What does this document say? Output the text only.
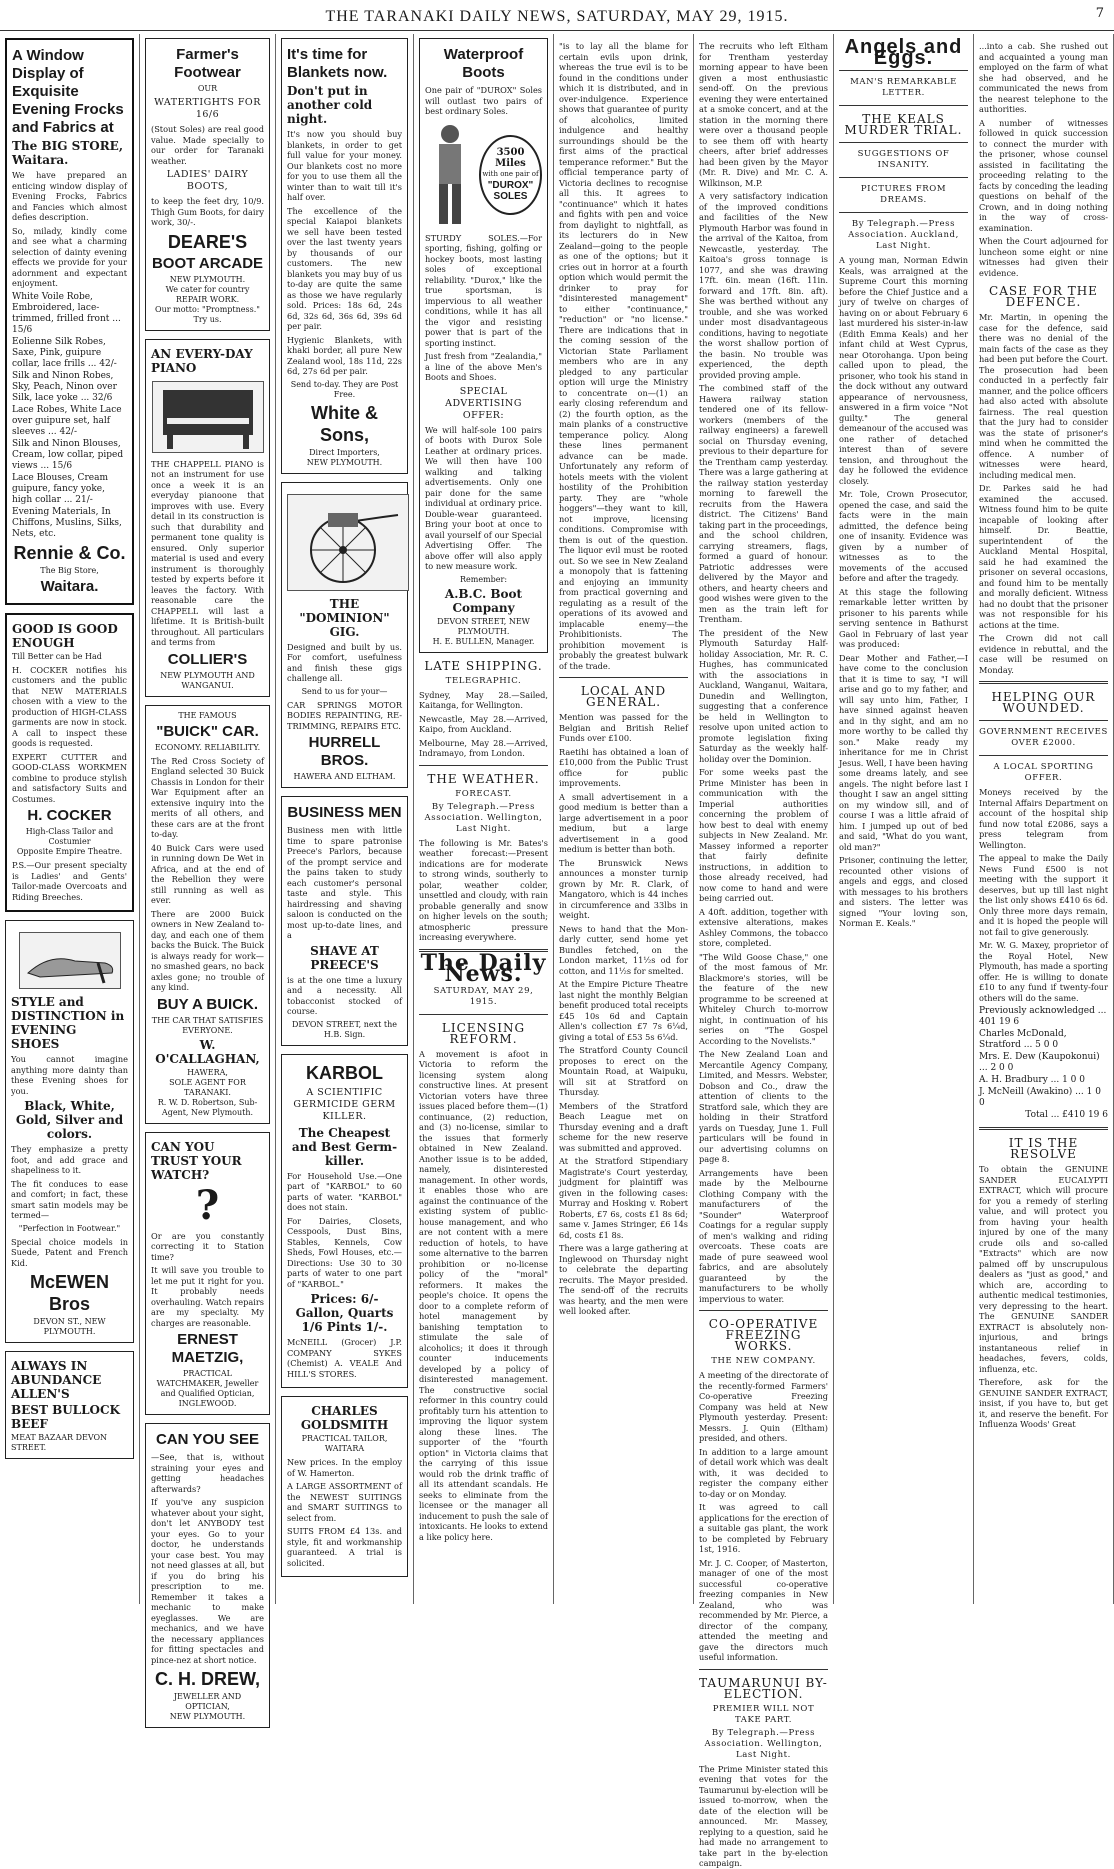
THE TARANAKI DAILY NEWS, SATURDAY, MAY 29, 1915.	7
A Window Display of Exquisite Evening Frocks and Fabrics at
The BIG STORE, Waitara.
We have prepared an enticing window display of Evening Frocks, Fabrics and Fancies which almost defies description.
So, milady, kindly come and see what a charming selection of dainty evening effects we provide for your adornment and expectant enjoyment.
White Voile Robe, Embroidered, lace-trimmed, frilled front ... 15/6
Eolienne Silk Robes, Saxe, Pink, guipure collar, lace frills ... 42/-
Silk and Ninon Robes, Sky, Peach, Ninon over Silk, lace yoke ... 32/6
Lace Robes, White Lace over guipure set, half sleeves ... 42/-
Silk and Ninon Blouses, Cream, low collar, piped views ... 15/6
Lace Blouses, Cream guipure, fancy yoke, high collar ... 21/-
Evening Materials, In Chiffons, Muslins, Silks, Nets, etc.
Rennie & Co.
The Big Store,
Waitara.
GOOD IS GOOD ENOUGH
Till Better can be Had
H. COCKER notifies his customers and the public that NEW MATERIALS chosen with a view to the production of HIGH-CLASS garments are now in stock. A call to inspect these goods is requested.
EXPERT CUTTER and GOOD-CLASS WORKMEN combine to produce stylish and satisfactory Suits and Costumes.
H. COCKER
High-Class Tailor and Costumier
Opposite Empire Theatre.
P.S.—Our present specialty is Ladies' and Gents' Tailor-made Overcoats and Riding Breeches.
STYLE and DISTINCTION in EVENING SHOES
You cannot imagine anything more dainty than these Evening shoes for you.
Black, White, Gold, Silver and colors.
They emphasize a pretty foot, and add grace and shapeliness to it.
The fit conduces to ease and comfort; in fact, these smart satin models may be termed—
"Perfection in Footwear."
Special choice models in Suede, Patent and French Kid.
McEWEN Bros
DEVON ST., NEW PLYMOUTH.
ALWAYS IN ABUNDANCE ALLEN'S
BEST BULLOCK BEEF
MEAT BAZAAR DEVON STREET.
Farmer's Footwear
OUR
WATERTIGHTS FOR 16/6
(Stout Soles) are real good value. Made specially to our order for Taranaki weather.
LADIES' DAIRY BOOTS,
to keep the feet dry, 10/9. Thigh Gum Boots, for dairy work, 30/-.
DEARE'S
BOOT ARCADE
NEW PLYMOUTH.
We cater for country REPAIR WORK.
Our motto: "Promptness." Try us.
AN EVERY-DAY PIANO
THE CHAPPELL PIANO is not an instrument for use once a week it is an everyday pianoone that improves with use. Every detail in its construction is such that durability and permanent tone quality is ensured. Only superior material is used and every instrument is thoroughly tested by experts before it leaves the factory. With reasonable care the CHAPPELL will last a lifetime. It is British-built throughout. All particulars and terms from
COLLIER'S
NEW PLYMOUTH AND WANGANUI.
THE FAMOUS
"BUICK" CAR.
ECONOMY. RELIABILITY.
The Red Cross Society of England selected 30 Buick Chassis in London for their War Equipment after an extensive inquiry into the merits of all others, and these cars are at the front to-day.
40 Buick Cars were used in running down De Wet in Africa, and at the end of the Rebellion they were still running as well as ever.
There are 2000 Buick owners in New Zealand to-day, and each one of them backs the Buick. The Buick is always ready for work—no smashed gears, no back axles gone; no trouble of any kind.
BUY A BUICK.
THE CAR THAT SATISFIES EVERYONE.
W. O'CALLAGHAN,
HAWERA,
SOLE AGENT FOR TARANAKI.
R. W. D. Robertson, Sub-Agent, New Plymouth.
CAN YOU TRUST YOUR WATCH?
?
Or are you constantly correcting it to Station time?
It will save you trouble to let me put it right for you. It probably needs overhauling. Watch repairs are my specialty. My charges are reasonable.
ERNEST MAETZIG,
PRACTICAL WATCHMAKER, Jeweller and Qualified Optician,
INGLEWOOD.
CAN YOU SEE
—See, that is, without straining your eyes and getting headaches afterwards?
If you've any suspicion whatever about your sight, don't let ANYBODY test your eyes. Go to your doctor, he understands your case best. You may not need glasses at all, but if you do bring his prescription to me. Remember it takes a mechanic to make eyeglasses. We are mechanics, and we have the necessary appliances for fitting spectacles and pince-nez at short notice.
C. H. DREW,
JEWELLER AND OPTICIAN,
NEW PLYMOUTH.
It's time for Blankets now.
Don't put in another cold night.
It's now you should buy blankets, in order to get full value for your money. Our blankets cost no more for you to use them all the winter than to wait till it's half over.
The excellence of the special Kaiapoi blankets we sell have been tested over the last twenty years by thousands of our customers. The new blankets you may buy of us to-day are quite the same as those we have regularly sold. Prices: 18s 6d, 24s 6d, 32s 6d, 36s 6d, 39s 6d per pair.
Hygienic Blankets, with khaki border, all pure New Zealand wool, 18s 11d, 22s 6d, 27s 6d per pair.
Send to-day. They are Post Free.
White & Sons,
Direct Importers,
NEW PLYMOUTH.
THE "DOMINION" GIG.
Designed and built by us. For comfort, usefulness and finish these gigs challenge all.
Send to us for your—
CAR SPRINGS MOTOR BODIES REPAINTING, RE-TRIMMING, REPAIRS ETC.
HURRELL BROS.
HAWERA AND ELTHAM.
BUSINESS MEN
Business men with little time to spare patronise Preece's Parlors, because of the prompt service and the pains taken to study each customer's personal taste and style. This hairdressing and shaving saloon is conducted on the most up-to-date lines, and a
SHAVE AT PREECE'S
is at the one time a luxury and a necessity. All tobacconist stocked of course.
DEVON STREET, next the H.B. Sign.
KARBOL
A SCIENTIFIC GERMICIDE GERM KILLER.
The Cheapest and Best Germ-killer.
For Household Use.—One part of "KARBOL" to 60 parts of water. "KARBOL" does not stain.
For Dairies, Closets, Cesspools, Dust Bins, Stables, Kennels, Cow Sheds, Fowl Houses, etc.—Directions: Use 30 to 30 parts of water to one part of "KARBOL."
Prices: 6/- Gallon, Quarts 1/6 Pints 1/-.
McNEILL (Grocer) J.P. COMPANY SYKES (Chemist) A. VEALE And HILL'S STORES.
CHARLES GOLDSMITH
PRACTICAL TAILOR, WAITARA
New prices. In the employ of W. Hamerton.
A LARGE ASSORTMENT of the NEWEST SUITINGS and SMART SUITINGS to select from.
SUITS FROM £4 13s. and style, fit and workmanship guaranteed. A trial is solicited.
Waterproof Boots
One pair of "DUROX" Soles will outlast two pairs of best ordinary Soles.
3500 Miles
with one pair of
"DUROX" SOLES
STURDY SOLES.—For sporting, fishing, golfing or hockey boots, most lasting soles of exceptional reliability. "Durox," like the true sportsman, is impervious to all weather conditions, while it has all the vigor and resisting power that is part of the sporting instinct.
Just fresh from "Zealandia," a line of the above Men's Boots and Shoes.
SPECIAL ADVERTISING OFFER:
We will half-sole 100 pairs of boots with Durox Sole Leather at ordinary prices. We will then have 100 walking and talking advertisements. Only one pair done for the same individual at ordinary price. Double-wear guaranteed. Bring your boot at once to avail yourself of our Special Advertising Offer. The above offer will also apply to new measure work.
Remember:
A.B.C. Boot Company
DEVON STREET, NEW PLYMOUTH.
H. E. BULLEN, Manager.
LATE SHIPPING.
TELEGRAPHIC.
Sydney, May 28.—Sailed, Kaitanga, for Wellington.
Newcastle, May 28.—Arrived, Kaipo, from Auckland.
Melbourne, May 28.—Arrived, Indramayo, from London.
THE WEATHER.
FORECAST.
By Telegraph.—Press Association. Wellington, Last Night.
The following is Mr. Bates's weather forecast:—Present indications are for moderate to strong winds, southerly to polar, weather colder, unsettled and cloudy, with rain probable generally and snow on higher levels on the south; atmospheric pressure increasing everywhere.
The Daily News.
SATURDAY, MAY 29, 1915.
LICENSING REFORM.
A movement is afoot in Victoria to reform the licensing system along constructive lines. At present Victorian voters have three issues placed before them—(1) continuance, (2) reduction, and (3) no-license, similar to the issues that formerly obtained in New Zealand. Another issue is to be added, namely, disinterested management. In other words, it enables those who are against the continuance of the existing system of public-house management, and who are not content with a mere reduction of hotels, to have some alternative to the barren prohibition or no-license policy of the "moral" reformers. It makes the people's choice. It opens the door to a complete reform of hotel management by banishing temptation to stimulate the sale of alcoholics; it does it through counter inducements developed by a policy of disinterested management. The constructive social reformer in this country could profitably turn his attention to improving the liquor system along these lines. The supporter of the "fourth option" in Victoria claims that the carrying of this issue would rob the drink traffic of all its attendant scandals. He seeks to eliminate from the licensee or the manager all inducement to push the sale of intoxicants. He looks to extend a like policy here.
"is to lay all the blame for certain evils upon drink, whereas the true evil is to be found in the conditions under which it is distributed, and in over-indulgence. Experience shows that guarantee of purity of alcoholics, limited indulgence and healthy surroundings should be the first aims of the practical temperance reformer." But the official temperance party of Victoria declines to recognise all this. It agrees to "continuance" which it hates and fights with pen and voice from daylight to nightfall, as its lecturers do in New Zealand—going to the people as one of the options; but it cries out in horror at a fourth option which would permit the drinker to pray for "disinterested management" to either "continuance," "reduction" or "no license." There are indications that in the coming session of the Victorian State Parliament members who are in any pledged to any particular option will urge the Ministry to concentrate on—(1) an early closing referendum and (2) the fourth option, as the main planks of a constructive temperance policy. Along these lines permanent advance can be made. Unfortunately any reform of hotels meets with the violent hostility of the Prohibition party. They are "whole hoggers"—they want to kill, not improve, licensing conditions. Compromise with them is out of the question. The liquor evil must be rooted out. So we see in New Zealand a monopoly that is fattening and enjoying an immunity from practical governing and regulating as a result of the operations of its avowed and implacable enemy—the Prohibitionists. The prohibition movement is probably the greatest bulwark of the trade.
LOCAL AND GENERAL.
Mention was passed for the Belgian and British Relief Funds over £100.
Raetihi has obtained a loan of £10,000 from the Public Trust office for public improvements.
A small advertisement in a good medium is better than a large advertisement in a poor medium, but a large advertisement in a good medium is better than both.
The Brunswick News announces a monster turnip grown by Mr. R. Clark, of Mangatoro, which is 44 inches in circumference and 33lbs in weight.
News to hand that the Mon-darly cutter, send home yet Bundles fetched, on the London market, 11½s od for cotton, and 11½s for smelted.
At the Empire Picture Theatre last night the monthly Belgian benefit produced total receipts £45 10s 6d and Captain Allen's collection £7 7s 6¼d, giving a total of £53 5s 6¼d.
The Stratford County Council proposes to erect on the Mountain Road, at Waipuku, will sit at Stratford on Thursday.
Members of the Stratford Beach League met on Thursday evening and a draft scheme for the new reserve was submitted and approved.
At the Stratford Stipendiary Magistrate's Court yesterday, judgment for plaintiff was given in the following cases: Murray and Hosking v. Robert Roberts, £7 6s, costs £1 8s 6d; same v. James Stringer, £6 14s 6d, costs £1 8s.
There was a large gathering at Inglewood on Thursday night to celebrate the departing recruits. The Mayor presided. The send-off of the recruits was hearty, and the men were well looked after.
The recruits who left Eltham for Trentham yesterday morning appear to have been given a most enthusiastic send-off. On the previous evening they were entertained at a smoke concert, and at the station in the morning there were over a thousand people to see them off with hearty cheers, after brief addresses had been given by the Mayor (Mr. R. Dive) and Mr. C. A. Wilkinson, M.P.
A very satisfactory indication of the improved conditions and facilities of the New Plymouth Harbor was found in the arrival of the Kaitoa, from Newcastle, yesterday. The Kaitoa's gross tonnage is 1077, and she was drawing 17ft. 6in. mean (16ft. 11in. forward and 17ft. 8in. aft). She was berthed without any trouble, and she was worked under most disadvantageous conditions, having to negotiate the worst shallow portion of the basin. No trouble was experienced, the depth provided proving ample.
The combined staff of the Hawera railway station tendered one of its fellow-workers (members of the railway engineers) a farewell social on Thursday evening, previous to their departure for the Trentham camp yesterday. There was a large gathering at the railway station yesterday morning to farewell the recruits from the Hawera district. The Citizens' Band taking part in the proceedings, and the school children, carrying streamers, flags, formed a guard of honour. Patriotic addresses were delivered by the Mayor and others, and hearty cheers and good wishes were given to the men as the train left for Trentham.
The president of the New Plymouth Saturday Half-holiday Association, Mr. R. C. Hughes, has communicated with the associations in Auckland, Wanganui, Waitara, Dunedin and Wellington, suggesting that a conference be held in Wellington to resolve upon united action to promote legislation fixing Saturday as the weekly half-holiday over the Dominion.
For some weeks past the Prime Minister has been in communication with the Imperial authorities concerning the problem of how best to deal with enemy subjects in New Zealand. Mr. Massey informed a reporter that fairly definite instructions, in addition to those already received, had now come to hand and were being carried out.
A 40ft. addition, together with extensive alterations, makes Ashley Commons, the tobacco store, completed.
"The Wild Goose Chase," one of the most famous of Mr. Blackmore's stories, will be the feature of the new programme to be screened at Whiteley Church to-morrow night, in continuation of his series on "The Gospel According to the Novelists."
The New Zealand Loan and Mercantile Agency Company, Limited, and Messrs. Webster, Dobson and Co., draw the attention of clients to the Stratford sale, which they are holding in their Stratford yards on Tuesday, June 1. Full particulars will be found in our advertising columns on page 8.
Arrangements have been made by the Melbourne Clothing Company with the manufacturers of the "Sounder" Waterproof Coatings for a regular supply of men's walking and riding overcoats. These coats are made of pure seaweed wool fabrics, and are absolutely guaranteed by the manufacturers to be wholly impervious to water.
CO-OPERATIVE FREEZING WORKS.
THE NEW COMPANY.
A meeting of the directorate of the recently-formed Farmers' Co-operative Freezing Company was held at New Plymouth yesterday. Present: Messrs. J. Quin (Eltham) presided, and others.
In addition to a large amount of detail work which was dealt with, it was decided to register the company either to-day or on Monday.
It was agreed to call applications for the erection of a suitable gas plant, the work to be completed by February 1st, 1916.
Mr. J. C. Cooper, of Masterton, manager of one of the most successful co-operative freezing companies in New Zealand, who was recommended by Mr. Pierce, a director of the company, attended the meeting and gave the directors much useful information.
TAUMARUNUI BY-ELECTION.
PREMIER WILL NOT TAKE PART.
By Telegraph.—Press Association. Wellington, Last Night.
The Prime Minister stated this evening that votes for the Taumarunui by-election will be issued to-morrow, when the date of the election will be announced. Mr. Massey, replying to a question, said he had made no arrangement to take part in the by-election campaign.
Angels and Eggs.
MAN'S REMARKABLE LETTER.
THE KEALS MURDER TRIAL.
SUGGESTIONS OF INSANITY.
PICTURES FROM DREAMS.
By Telegraph.—Press Association. Auckland, Last Night.
A young man, Norman Edwin Keals, was arraigned at the Supreme Court this morning before the Chief Justice and a jury of twelve on charges of having on or about February 6 last murdered his sister-in-law (Edith Emma Keals) and her infant child at West Cyprus, near Otorohanga. Upon being called upon to plead, the prisoner, who took his stand in the dock without any outward appearance of nervousness, answered in a firm voice "Not guilty." The general demeanour of the accused was one rather of detached interest than of severe tension, and throughout the day he followed the evidence closely.
Mr. Tole, Crown Prosecutor, opened the case, and said the facts were in the main admitted, the defence being one of insanity. Evidence was given by a number of witnesses as to the movements of the accused before and after the tragedy.
At this stage the following remarkable letter written by prisoner to his parents while serving sentence in Bathurst Gaol in February of last year was produced:
Dear Mother and Father,—I have come to the conclusion that it is time to say, "I will arise and go to my father, and will say unto him, Father, I have sinned against heaven and in thy sight, and am no more worthy to be called thy son." Make ready my inheritance for me in Christ Jesus. Well, I have been having some dreams lately, and see angels. The night before last I thought I saw an angel sitting on my window sill, and of course I was a little afraid of him. I jumped up out of bed and said, "What do you want, old man?"
Prisoner, continuing the letter, recounted other visions of angels and eggs, and closed with messages to his brothers and sisters. The letter was signed "Your loving son, Norman E. Keals."
...into a cab. She rushed out and acquainted a young man employed on the farm of what she had observed, and he communicated the news from the nearest telephone to the authorities.
A number of witnesses followed in quick succession to connect the murder with the prisoner, whose counsel assisted in facilitating the proceeding relating to the facts by conceding the leading questions on behalf of the Crown, and in doing nothing in the way of cross-examination.
When the Court adjourned for luncheon some eight or nine witnesses had given their evidence.
CASE FOR THE DEFENCE.
Mr. Martin, in opening the case for the defence, said there was no denial of the main facts of the case as they had been put before the Court. The prosecution had been conducted in a perfectly fair manner, and the police officers had also acted with absolute fairness. The real question that the jury had to consider was the state of prisoner's mind when he committed the offence. A number of witnesses were heard, including medical men.
Dr. Parkes said he had examined the accused. Witness found him to be quite incapable of looking after himself. Dr. Beattie, superintendent of the Auckland Mental Hospital, said he had examined the prisoner on several occasions, and found him to be mentally and morally deficient. Witness had no doubt that the prisoner was not responsible for his actions at the time.
The Crown did not call evidence in rebuttal, and the case will be resumed on Monday.
HELPING OUR WOUNDED.
GOVERNMENT RECEIVES OVER £2000.
A LOCAL SPORTING OFFER.
Moneys received by the Internal Affairs Department on account of the hospital ship fund now total £2086, says a press telegram from Wellington.
The appeal to make the Daily News Fund £500 is not meeting with the support it deserves, but up till last night the list only shows £410 6s 6d. Only three more days remain, and it is hoped the people will not fail to give generously.
Mr. W. G. Maxey, proprietor of the Royal Hotel, New Plymouth, has made a sporting offer. He is willing to donate £10 to any fund if twenty-four others will do the same.
Previously acknowledged ... 401 19 6
Charles McDonald, Stratford ... 5 0 0
Mrs. E. Dew (Kaupokonui) ... 2 0 0
A. H. Bradbury ... 1 0 0
J. McNeill (Awakino) ... 1 0 0
Total ... £410 19 6
IT IS THE RESOLVE
To obtain the GENUINE SANDER EUCALYPTI EXTRACT, which will procure for you a remedy of sterling value, and will protect you from having your health injured by one of the many crude oils and so-called "Extracts" which are now palmed off by unscrupulous dealers as "just as good," and which are, according to authentic medical testimonies, very depressing to the heart. The GENUINE SANDER EXTRACT is absolutely non-injurious, and brings instantaneous relief in headaches, fevers, colds, influenza, etc.
Therefore, ask for the GENUINE SANDER EXTRACT, insist, if you have to, but get it, and reserve the benefit. For Influenza Woods' Great
